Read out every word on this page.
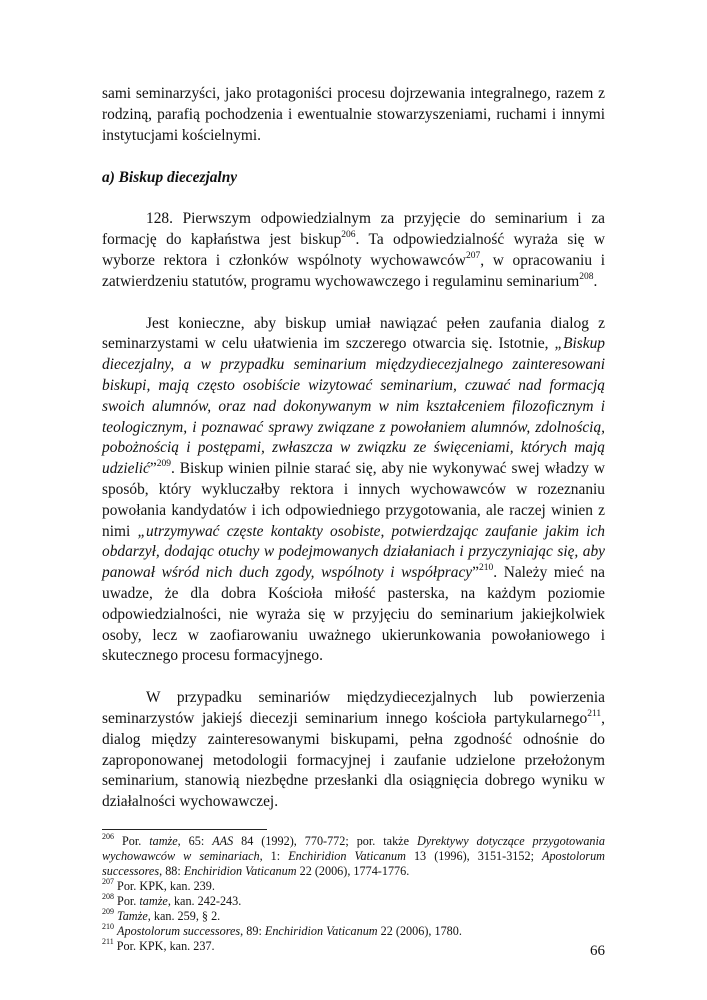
sami seminarzyści, jako protagoniści procesu dojrzewania integralnego, razem z rodziną, parafią pochodzenia i ewentualnie stowarzyszeniami, ruchami i innymi instytucjami kościelnymi.

a) Biskup diecezjalny

128. Pierwszym odpowiedzialnym za przyjęcie do seminarium i za formację do kapłaństwa jest biskup$^{206}$. Ta odpowiedzialność wyraża się w wyborze rektora i członków wspólnoty wychowawców$^{207}$, w opracowaniu i zatwierdzeniu statutów, programu wychowawczego i regulaminu seminarium$^{208}$.

Jest konieczne, aby biskup umiał nawiązać pełen zaufania dialog z seminarzystami w celu ułatwienia im szczerego otwarcia się. Istotnie, „Biskup diecezjalny, a w przypadku seminarium międzydiecezjalnego zainteresowani biskupi, mają często osobiście wizytować seminarium, czuwać nad formacją swoich alumnów, oraz nad dokonywanym w nim kształceniem filozoficznym i teologicznym, i poznawać sprawy związane z powołaniem alumnów, zdolnością, pobożnością i postępami, zwłaszcza w związku ze święceniami, których mają udzielić”$^{209}$. Biskup winien pilnie starać się, aby nie wykonywać swej władzy w sposób, który wykluczałby rektora i innych wychowawców w rozeznaniu powołania kandydatów i ich odpowiedniego przygotowania, ale raczej winien z nimi „utrzymywać częste kontakty osobiste, potwierdzając zaufanie jakim ich obdarzył, dodając otuchy w podejmowanych działaniach i przyczyniając się, aby panował wśród nich duch zgody, wspólnoty i współpracy”$^{210}$. Należy mieć na uwadze, że dla dobra Kościoła miłość pasterska, na każdym poziomie odpowiedzialności, nie wyraża się w przyjęciu do seminarium jakiejkolwiek osoby, lecz w zaofiarowaniu uważnego ukierunkowania powołaniowego i skutecznego procesu formacyjnego.

W przypadku seminariów międzydiecezjalnych lub powierzenia seminarzystów jakiejś diecezji seminarium innego kościoła partykularnego$^{211}$, dialog między zainteresowanymi biskupami, pełna zgodność odnośnie do zaproponowanej metodologii formacyjnej i zaufanie udzielone przełożonym seminarium, stanowią niezbędne przesłanki dla osiągnięcia dobrego wyniku w działalności wychowawczej.

$^{206}$ Por. tamże, 65: AAS 84 (1992), 770-772; por. także Dyrektywy dotyczące przygotowania wychowawców w seminariach, 1: Enchiridion Vaticanum 13 (1996), 3151-3152; Apostolorum successores, 88: Enchiridion Vaticanum 22 (2006), 1774-1776.

$^{207}$ Por. KPK, kan. 239.

$^{208}$ Por. tamże, kan. 242-243.

$^{209}$ Tamże, kan. 259, § 2.

$^{210}$ Apostolorum successores, 89: Enchiridion Vaticanum 22 (2006), 1780.

$^{211}$ Por. KPK, kan. 237.	66
